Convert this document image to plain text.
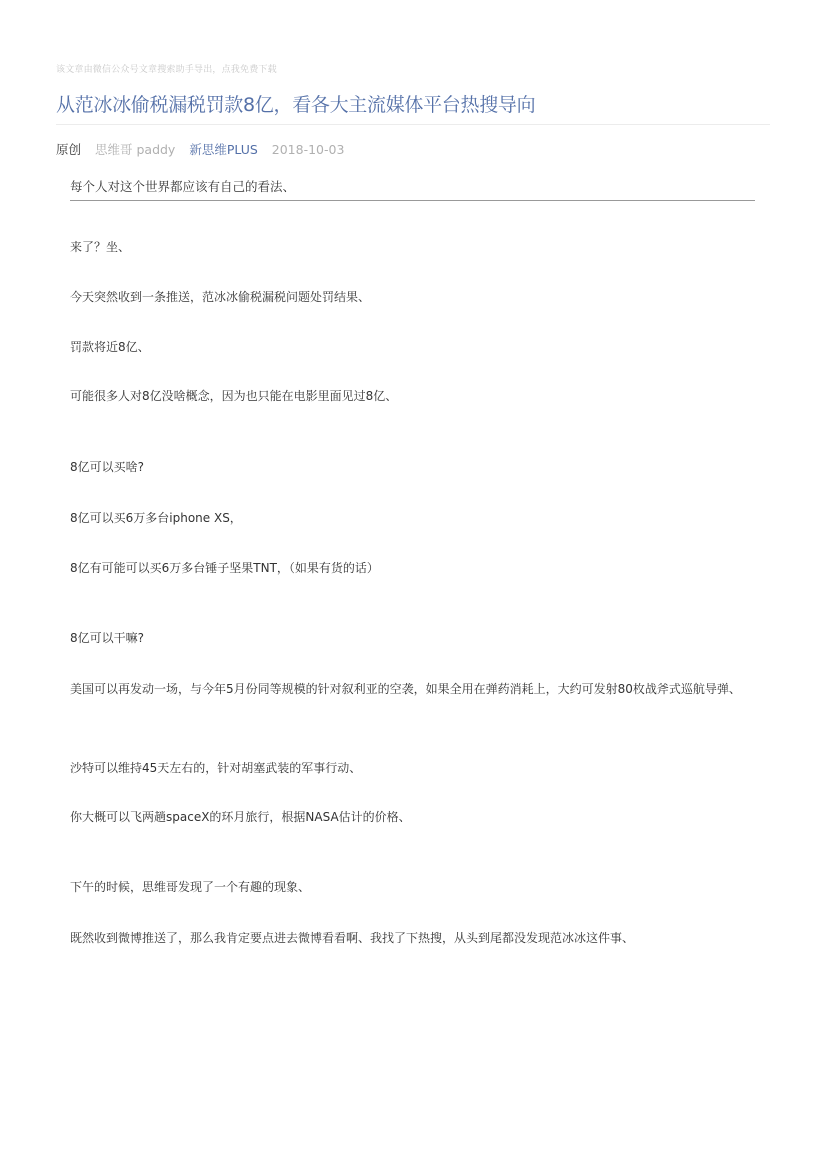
该文章由微信公众号文章搜索助手导出，点我免费下载
从范冰冰偷税漏税罚款8亿，看各大主流媒体平台热搜导向
原创 思维哥 paddy 新思维PLUS 2018-10-03
每个人对这个世界都应该有自己的看法、
来了？坐、
今天突然收到一条推送，范冰冰偷税漏税问题处罚结果、
罚款将近8亿、
可能很多人对8亿没啥概念，因为也只能在电影里面见过8亿、
8亿可以买啥?
8亿可以买6万多台iphone XS，
8亿有可能可以买6万多台锤子坚果TNT，（如果有货的话）
8亿可以干嘛?
美国可以再发动一场，与今年5月份同等规模的针对叙利亚的空袭，如果全用在弹药消耗上，大约可发射80枚战斧式巡航导弹、
沙特可以维持45天左右的，针对胡塞武装的军事行动、
你大概可以飞两趟spaceX的环月旅行，根据NASA估计的价格、
下午的时候，思维哥发现了一个有趣的现象、
既然收到微博推送了，那么我肯定要点进去微博看看啊、我找了下热搜，从头到尾都没发现范冰冰这件事、
